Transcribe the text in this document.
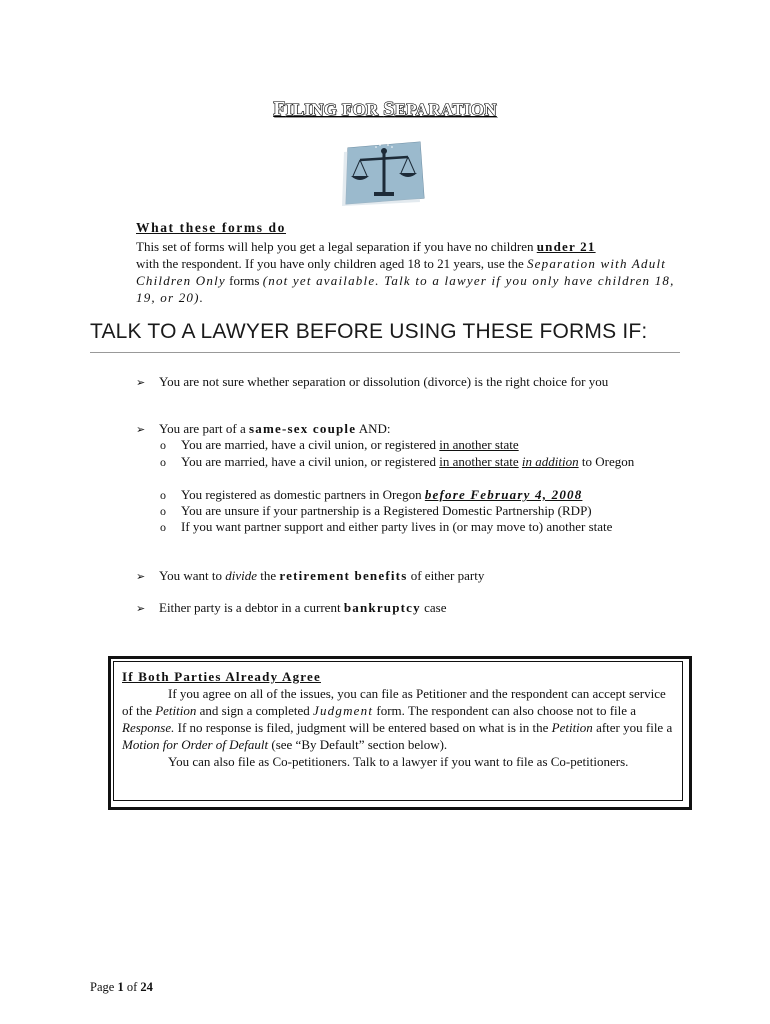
FILING FOR SEPARATION
What these forms do
This set of forms will help you get a legal separation if you have no children under 21
with the respondent. If you have only children aged 18 to 21 years, use the Separation with Adult Children Only forms (not yet available. Talk to a lawyer if you only have children 18, 19, or 20).
TALK TO A LAWYER BEFORE USING THESE FORMS IF:
➢ You are not sure whether separation or dissolution (divorce) is the right choice for you
➢ You are part of a same-sex couple AND:
o You are married, have a civil union, or registered in another state
o You are married, have a civil union, or registered in another state in addition to Oregon
o You registered as domestic partners in Oregon before February 4, 2008
o You are unsure if your partnership is a Registered Domestic Partnership (RDP)
o If you want partner support and either party lives in (or may move to) another state
➢ You want to divide the retirement benefits of either party
➢ Either party is a debtor in a current bankruptcy case
If Both Parties Already Agree
If you agree on all of the issues, you can file as Petitioner and the respondent can accept service of the Petition and sign a completed Judgment form. The respondent can also choose not to file a Response. If no response is filed, judgment will be entered based on what is in the Petition after you file a Motion for Order of Default (see “By Default” section below).
You can also file as Co-petitioners. Talk to a lawyer if you want to file as Co-petitioners.
Page 1 of 24
